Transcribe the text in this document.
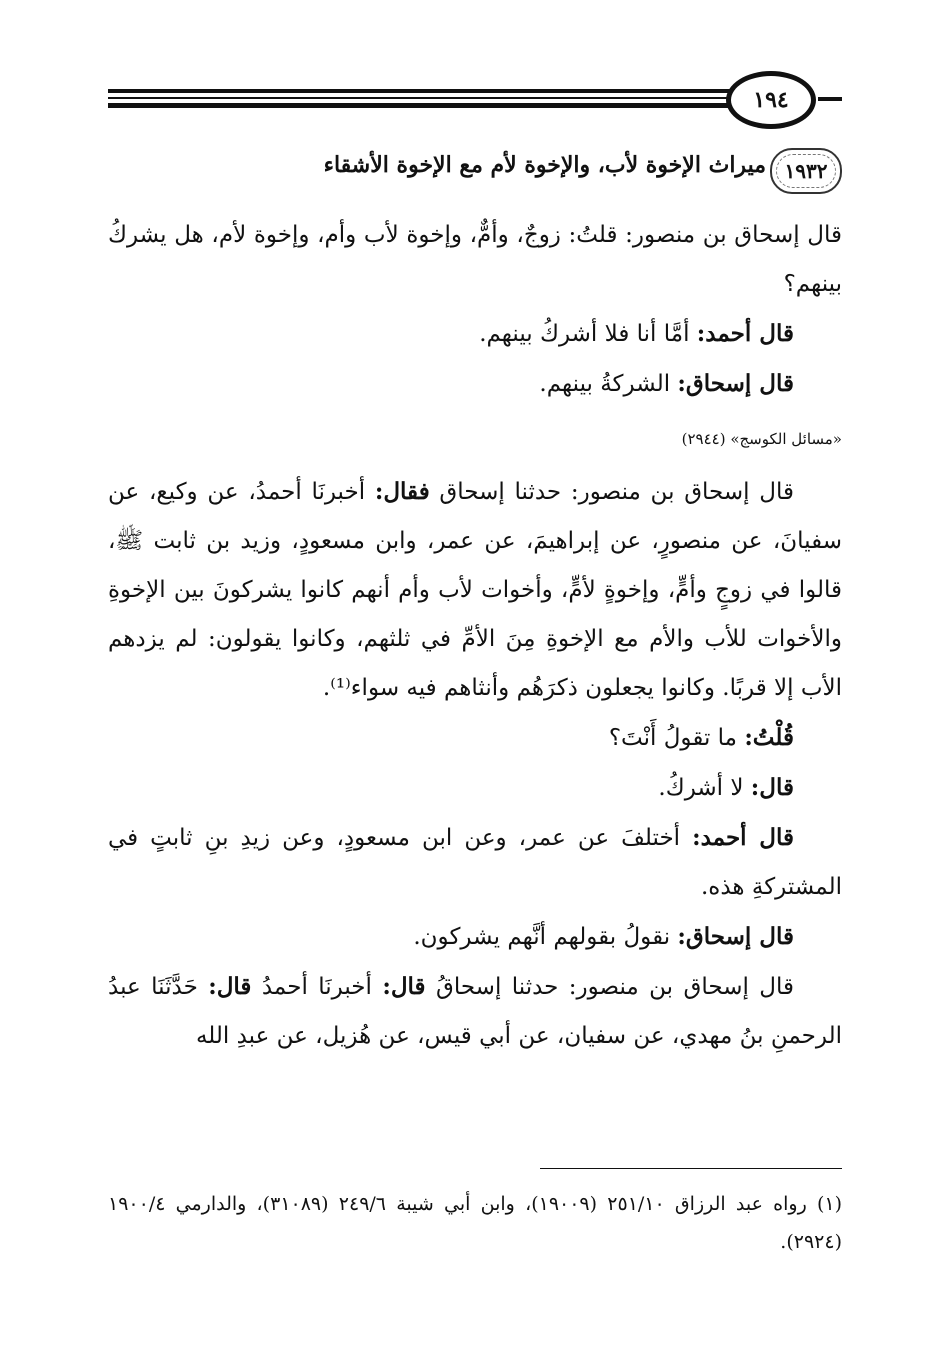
١٩٤
١٩٣٢
ميراث الإخوة لأب، والإخوة لأم مع الإخوة الأشقاء

قال إسحاق بن منصور: قلتُ: زوجٌ، وأمٌّ، وإخوة لأب وأم، وإخوة لأم، هل يشركُ بينهم؟

قال أحمد: أمَّا أنا فلا أشركُ بينهم.

قال إسحاق: الشركةُ بينهم.

«مسائل الكوسج» (٢٩٤٤)

قال إسحاق بن منصور: حدثنا إسحاق فقال: أخبرنَا أحمدُ، عن وكيع، عن سفيانَ، عن منصورٍ، عن إبراهيمَ، عن عمر، وابن مسعودٍ، وزيد بن ثابت ﷺ، قالوا في زوجٍ وأمٍّ، وإخوةٍ لأمٍّ، وأخوات لأب وأم أنهم كانوا يشركونَ بين الإخوةِ والأخوات للأب والأم مع الإخوةِ مِنَ الأمِّ في ثلثهم، وكانوا يقولون: لم يزدهم الأب إلا قربًا. وكانوا يجعلون ذكرَهُم وأنثاهم فيه سواء⁽¹⁾.

قُلْتُ: ما تقولُ أَنْتَ؟

قال: لا أشركُ.

قال أحمد: أختلفَ عن عمر، وعن ابن مسعودٍ، وعن زيدِ بنِ ثابتٍ في المشتركةِ هذه.

قال إسحاق: نقولُ بقولهم أنَّهم يشركون.

قال إسحاق بن منصور: حدثنا إسحاقُ قال: أخبرنَا أحمدُ قال: حَدَّثَنَا عبدُ الرحمنِ بنُ مهدي، عن سفيان، عن أبي قيس، عن هُزيل، عن عبدِ الله

(١) رواه عبد الرزاق ٢٥١/١٠ (١٩٠٠٩)، وابن أبي شيبة ٢٤٩/٦ (٣١٠٨٩)، والدارمي ١٩٠٠/٤ (٢٩٢٤).
